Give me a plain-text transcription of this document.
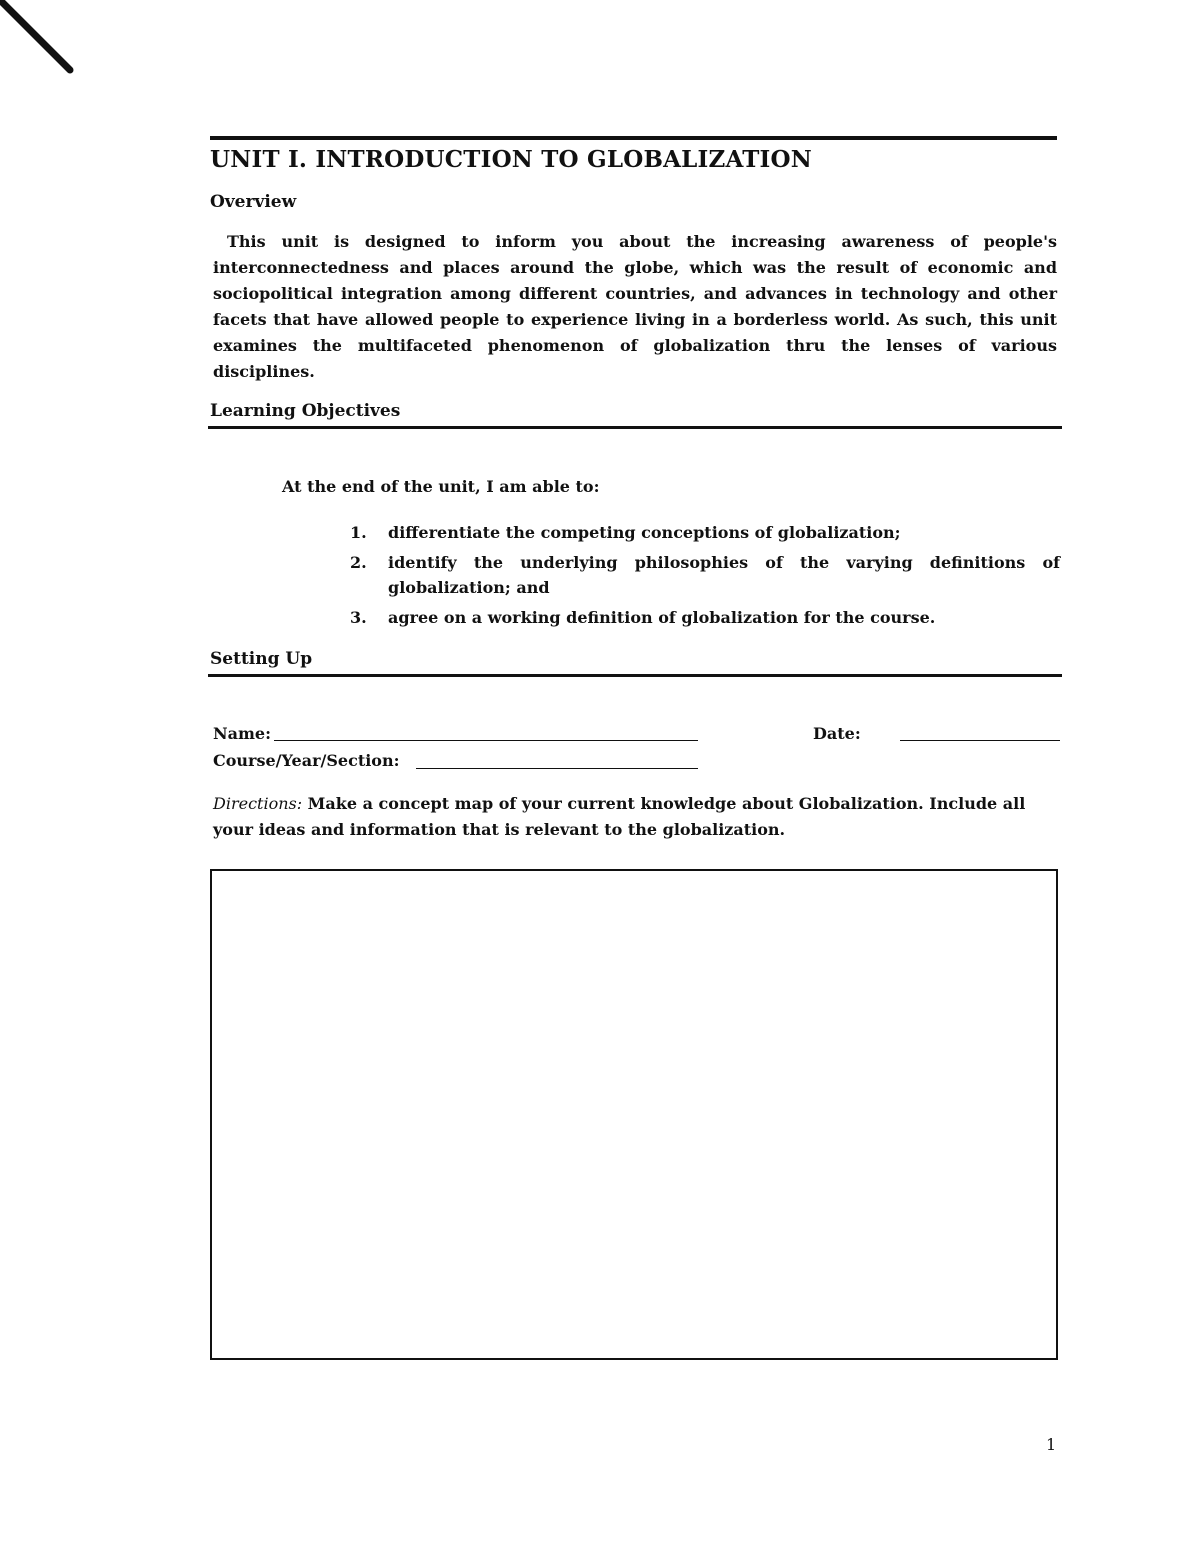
UNIT I. INTRODUCTION TO GLOBALIZATION
Overview
This unit is designed to inform you about the increasing awareness of people's interconnectedness and places around the globe, which was the result of economic and sociopolitical integration among different countries, and advances in technology and other facets that have allowed people to experience living in a borderless world. As such, this unit examines the multifaceted phenomenon of globalization thru the lenses of various disciplines.
Learning Objectives
At the end of the unit, I am able to:
1.	differentiate the competing conceptions of globalization;
2.	identify the underlying philosophies of the varying definitions of globalization; and
3.	agree on a working definition of globalization for the course.
Setting Up
Name:	Date:
Course/Year/Section:
Directions: Make a concept map of your current knowledge about Globalization. Include all your ideas and information that is relevant to the globalization.
1
